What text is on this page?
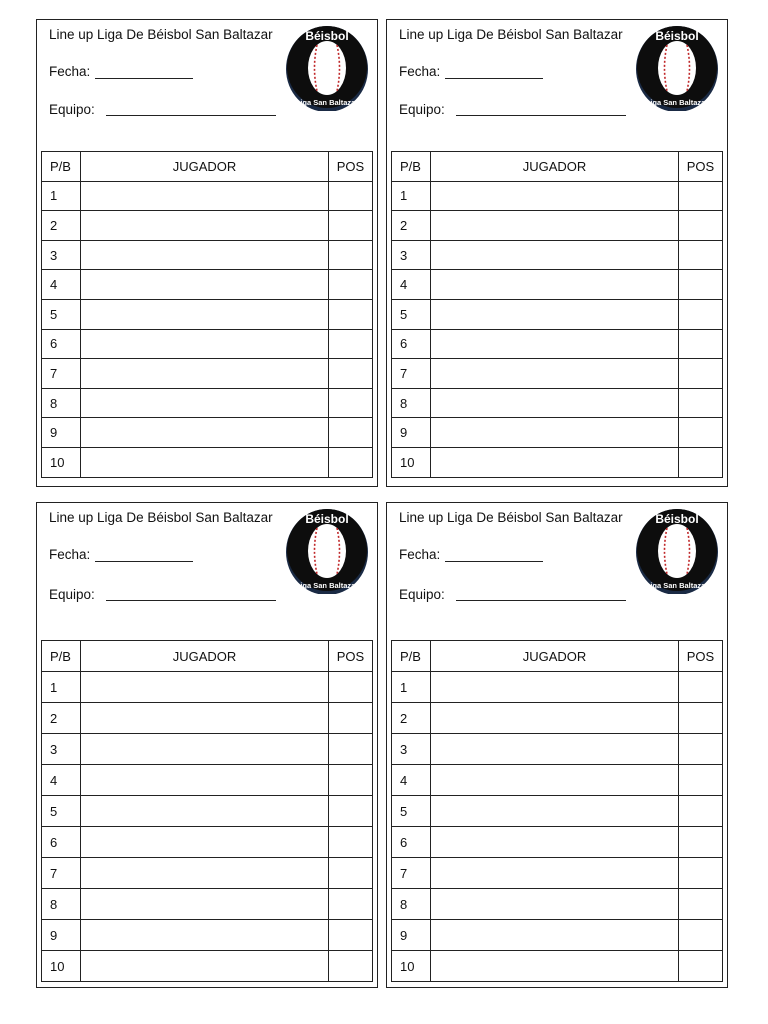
Line up Liga De Béisbol San Baltazar
Fecha:
Equipo:
Béisbol
Liga San Baltazar
P/B	JUGADOR	POS
1		
2		
3		
4		
5		
6		
7		
8		
9		
10		
Line up Liga De Béisbol San Baltazar
Fecha:
Equipo:
Béisbol
Liga San Baltazar
P/B	JUGADOR	POS
1		
2		
3		
4		
5		
6		
7		
8		
9		
10		
Line up Liga De Béisbol San Baltazar
Fecha:
Equipo:
Béisbol
Liga San Baltazar
P/B	JUGADOR	POS
1		
2		
3		
4		
5		
6		
7		
8		
9		
10		
Line up Liga De Béisbol San Baltazar
Fecha:
Equipo:
Béisbol
Liga San Baltazar
P/B	JUGADOR	POS
1		
2		
3		
4		
5		
6		
7		
8		
9		
10		
